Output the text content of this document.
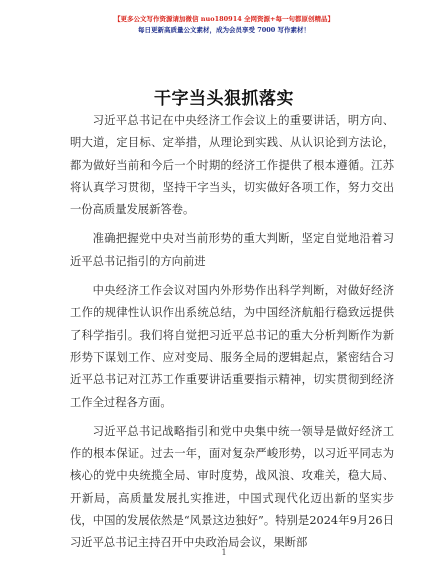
【更多公文写作资源请加微信 nuo180914 全网资源+每一句都原创精品】
每日更新高质量公文素材，成为会员享受 7000 写作素材！
干字当头狠抓落实

习近平总书记在中央经济工作会议上的重要讲话，明方向、明大道，定目标、定举措，从理论到实践、从认识论到方法论，都为做好当前和今后一个时期的经济工作提供了根本遵循。江苏将认真学习贯彻，坚持干字当头，切实做好各项工作，努力交出一份高质量发展新答卷。

准确把握党中央对当前形势的重大判断，坚定自觉地沿着习近平总书记指引的方向前进

中央经济工作会议对国内外形势作出科学判断，对做好经济工作的规律性认识作出系统总结，为中国经济航船行稳致远提供了科学指引。我们将自觉把习近平总书记的重大分析判断作为新形势下谋划工作、应对变局、服务全局的逻辑起点，紧密结合习近平总书记对江苏工作重要讲话重要指示精神，切实贯彻到经济工作全过程各方面。

习近平总书记战略指引和党中央集中统一领导是做好经济工作的根本保证。过去一年，面对复杂严峻形势，以习近平同志为核心的党中央统揽全局、审时度势，战风浪、攻难关，稳大局、开新局，高质量发展扎实推进，中国式现代化迈出新的坚实步伐，中国的发展依然是“风景这边独好”。特别是2024年9月26日习近平总书记主持召开中央政治局会议，果断部

1
